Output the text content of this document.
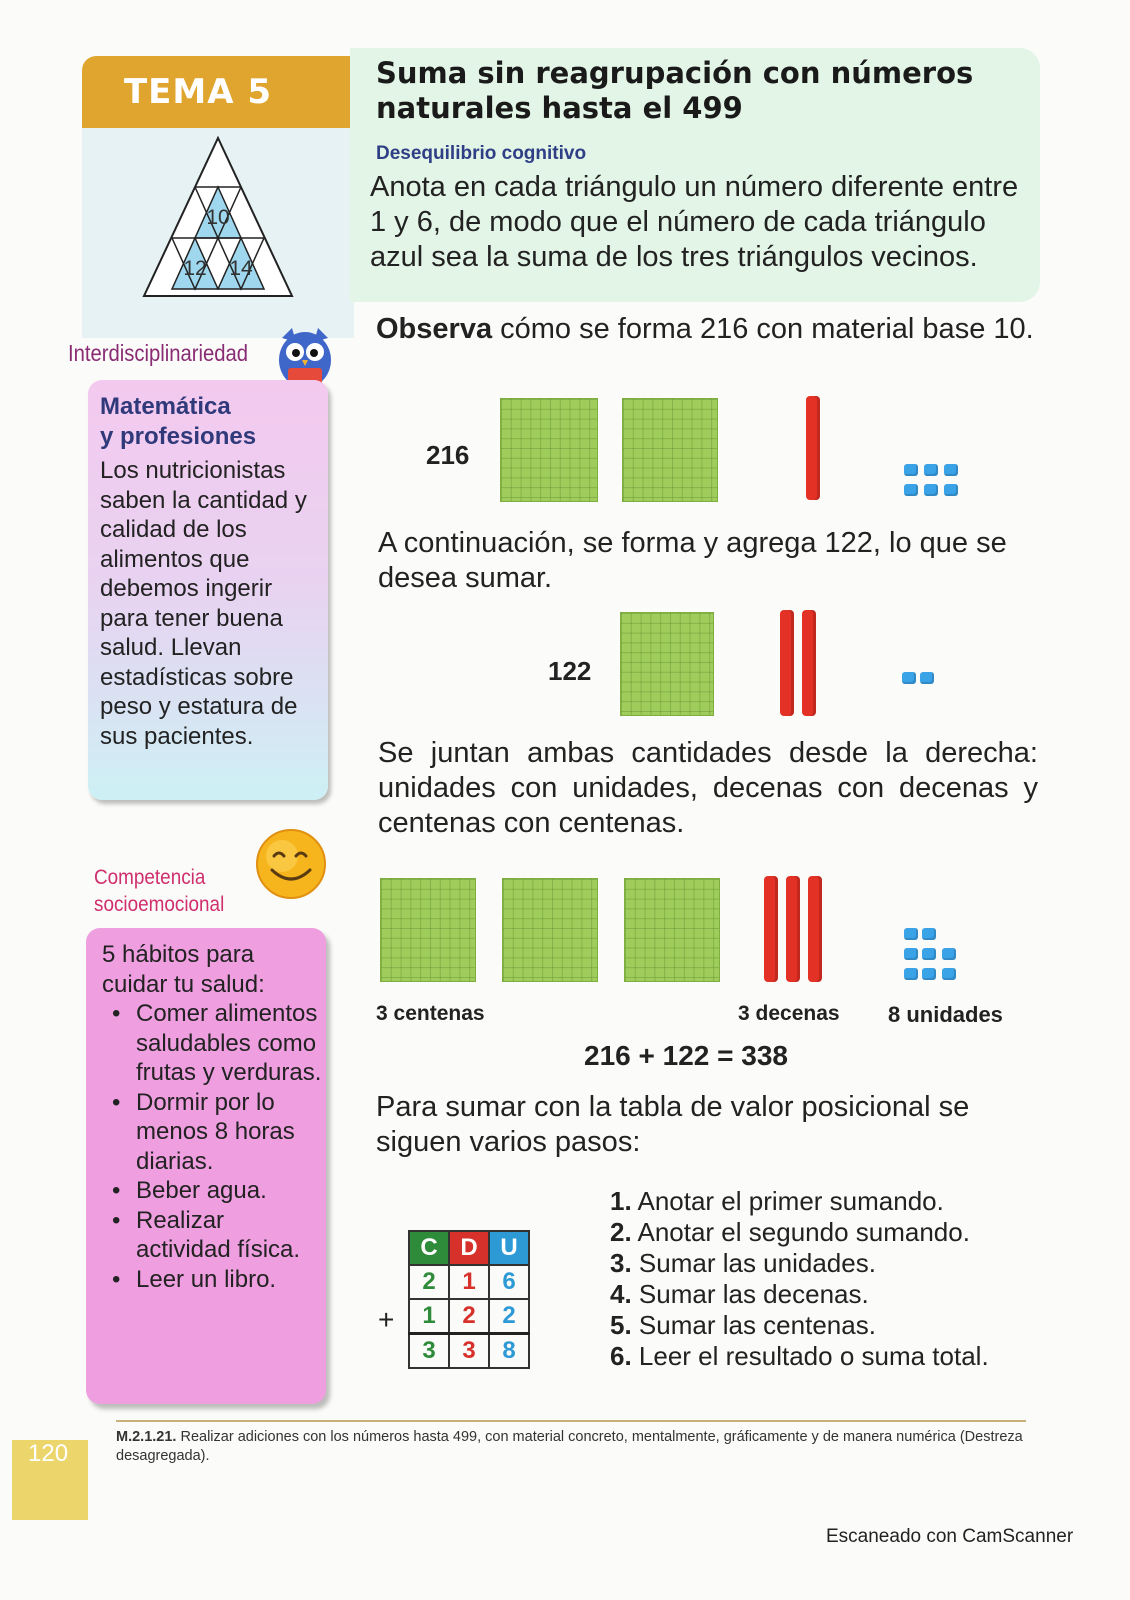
TEMA 5
10
12 14
Interdisciplinariedad
Matemática
y profesiones
Los nutricionistas saben la cantidad y calidad de los alimentos que debemos ingerir para tener buena salud. Llevan estadísticas sobre peso y estatura de sus pacientes.
Competencia
socioemocional
5 hábitos para cuidar tu salud:
• Comer alimentos saludables como frutas y verduras.
• Dormir por lo menos 8 horas diarias.
• Beber agua.
• Realizar actividad física.
• Leer un libro.
Suma sin reagrupación con números
naturales hasta el 499
Desequilibrio cognitivo
Anota en cada triángulo un número diferente entre 1 y 6, de modo que el número de cada triángulo azul sea la suma de los tres triángulos vecinos.
Observa cómo se forma 216 con material base 10.
216
A continuación, se forma y agrega 122, lo que se desea sumar.
122
Se juntan ambas cantidades desde la derecha: unidades con unidades, decenas con decenas y centenas con centenas.
3 centenas	3 decenas 8 unidades
216 + 122 = 338
Para sumar con la tabla de valor posicional se siguen varios pasos:
+
C	D	U
2	1	6
1	2	2
3	3	8
1. Anotar el primer sumando.
2. Anotar el segundo sumando.
3. Sumar las unidades.
4. Sumar las decenas.
5. Sumar las centenas.
6. Leer el resultado o suma total.
M.2.1.21. Realizar adiciones con los números hasta 499, con material concreto, mentalmente, gráficamente y de manera numérica (Destreza desagregada).
120
Escaneado con CamScanner
